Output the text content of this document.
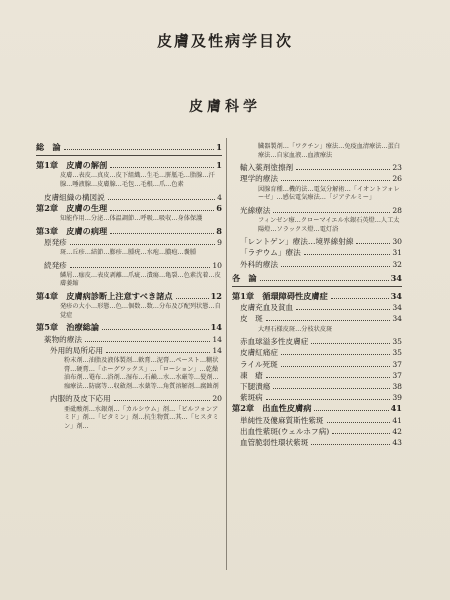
皮膚及性病学目次
皮膚科学
総　論	1
第1章　皮膚の解剖	1
皮膚…表皮…真皮…皮下組織…生毛…胼胝毛…脂腺…汗腺…唾液腺…皮膚腺…毛包…毛根…爪…色素
皮膚組織の構図説	4
第2章　皮膚の生理	6
知能作用…分泌…体温調節…呼吸…吸収…身体保護
第3章　皮膚の病理	8
原発疹	9
斑…丘疹…結節…膨疹…腫疣…水疱…膿疱…嚢腫
続発疹	10
鱗屑…痂皮…表皮剥離…爪疵…潰瘍…亀裂…色素沈着…皮膚萎縮
第4章　皮膚病診断上注意すべき諸点	12
発疹の大小…形態…色…個数…数…分布及び配列状態…自覚症
第5章　治療総論	14
薬物的療法	14
外用的局所応用	14
粉末剤…油脂及液体製剤…軟膏…泥膏…ペースト…糊状膏…硬膏…「ホーグワックス」…「ローション」…乾燥油布剤…罨布…浴剤…湿布…石鹸…水…水厳等…髪剤…痂療法…防腐等…収斂剤…水薬等…角質溶解剤…腐蝕剤
内服的及皮下応用	20
亜砒酸剤…水銀剤…「カルシウム」剤…「ビルフォンアミド」剤…「ビタミン」剤…抗生物質…其…「ヒスタミン」剤…
臓器製剤…「ワクチン」療法…免疫血清療法…蛋白療法…自家血液…血液療法
輸入薬剤塗擦剤	23
理学的療法	26
図腺育種…機的法…電気分解術…「イオントフォレーゼ」…感伝電気療法…「ジアテルミー」
光線療法	28
フィンゼン療…クローマイエル水銀石英燈…人工太陽燈…ソラックス燈…電灯浴
「レントゲン」療法…境界線射線	30
「ラヂウム」療法	31
外科的療法	32
各　論	34
第1章　循環障碍性皮膚症	34
皮膚充血及貧血	34
皮　斑	34
大理石様皮斑…分枝状皮斑
赤血球溢多性皮膚症	35
皮膚紅痛症	35
ライル死斑	37
凍　瘡	37
下腿潰瘍	38
紫斑病	39
第2章　出血性皮膚病	41
単純性及僂麻質斯性紫斑	41
出血性紫斑(ウェルホフ病)	42
血管脆弱性環状紫斑	43
